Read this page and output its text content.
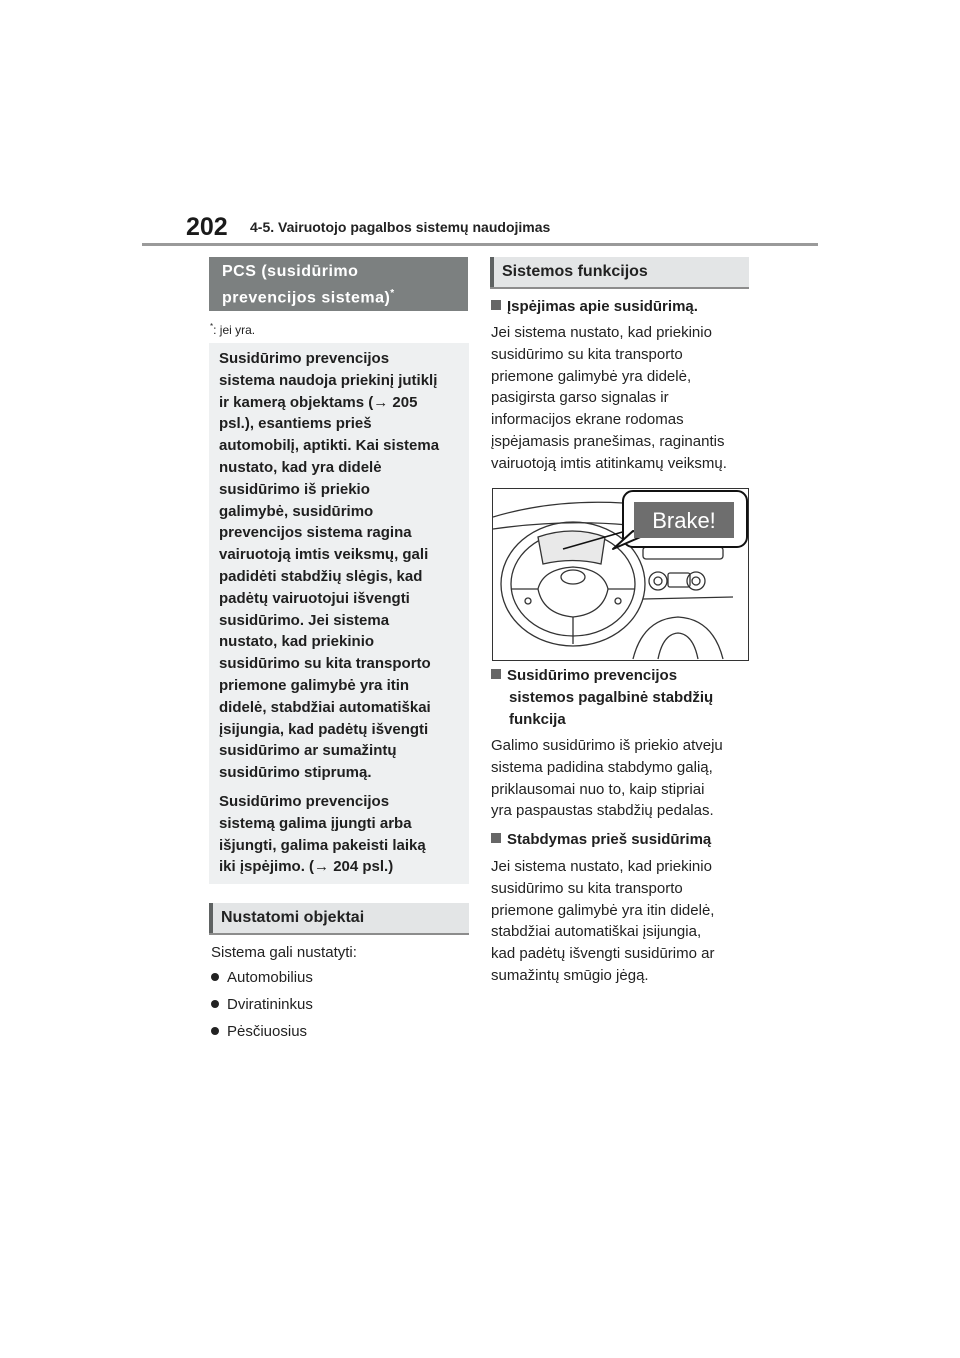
202 4-5. Vairuotojo pagalbos sistemų naudojimas
PCS (susidūrimo
prevencijos sistema)*
*: jei yra.
Susidūrimo prevencijos
sistema naudoja priekinį jutiklį
ir kamerą objektams (→ 205
psl.), esantiems prieš
automobilį, aptikti. Kai sistema
nustato, kad yra didelė
susidūrimo iš priekio
galimybė, susidūrimo
prevencijos sistema ragina
vairuotoją imtis veiksmų, gali
padidėti stabdžių slėgis, kad
padėtų vairuotojui išvengti
susidūrimo. Jei sistema
nustato, kad priekinio
susidūrimo su kita transporto
priemone galimybė yra itin
didelė, stabdžiai automatiškai
įsijungia, kad padėtų išvengti
susidūrimo ar sumažintų
susidūrimo stiprumą.
Susidūrimo prevencijos
sistemą galima įjungti arba
išjungti, galima pakeisti laiką
iki įspėjimo. (→ 204 psl.)
Nustatomi objektai

Sistema gali nustatyti:

Automobilius
Dviratininkus
Pėsčiuosius
Sistemos funkcijos
Įspėjimas apie susidūrimą.
Jei sistema nustato, kad priekinio
susidūrimo su kita transporto
priemone galimybė yra didelė,
pasigirsta garso signalas ir
informacijos ekrane rodomas
įspėjamasis pranešimas, raginantis
vairuotoją imtis atitinkamų veiksmų.
Brake!
Susidūrimo prevencijos
sistemos pagalbinė stabdžių
funkcija
Galimo susidūrimo iš priekio atveju
sistema padidina stabdymo galią,
priklausomai nuo to, kaip stipriai
yra paspaustas stabdžių pedalas.
Stabdymas prieš susidūrimą
Jei sistema nustato, kad priekinio
susidūrimo su kita transporto
priemone galimybė yra itin didelė,
stabdžiai automatiškai įsijungia,
kad padėtų išvengti susidūrimo ar
sumažintų smūgio jėgą.
